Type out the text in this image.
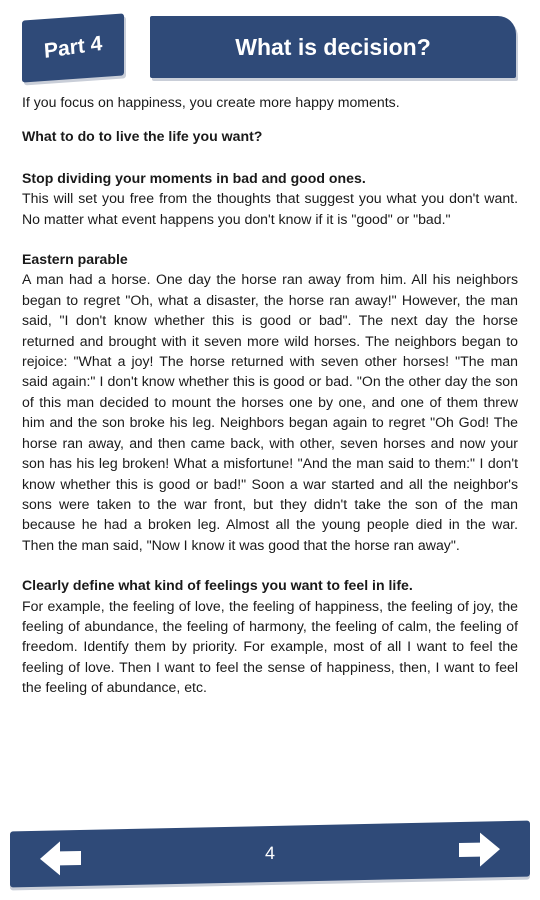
Part 4	What is decision?

If you focus on happiness, you create more happy moments.

What to do to live the life you want?

Stop dividing your moments in bad and good ones.

This will set you free from the thoughts that suggest you what you don't want. No matter what event happens you don't know if it is "good" or "bad."

Eastern parable

A man had a horse. One day the horse ran away from him. All his neighbors began to regret "Oh, what a disaster, the horse ran away!" However, the man said, "I don't know whether this is good or bad". The next day the horse returned and brought with it seven more wild horses. The neighbors began to rejoice: "What a joy! The horse returned with seven other horses! "The man said again:" I don't know whether this is good or bad. "On the other day the son of this man decided to mount the horses one by one, and one of them threw him and the son broke his leg. Neighbors began again to regret "Oh God! The horse ran away, and then came back, with other, seven horses and now your son has his leg broken! What a misfortune! "And the man said to them:" I don't know whether this is good or bad!" Soon a war started and all the neighbor's sons were taken to the war front, but they didn't take the son of the man because he had a broken leg. Almost all the young people died in the war. Then the man said, "Now I know it was good that the horse ran away".

Clearly define what kind of feelings you want to feel in life.

For example, the feeling of love, the feeling of happiness, the feeling of joy, the feeling of abundance, the feeling of harmony, the feeling of calm, the feeling of freedom. Identify them by priority. For example, most of all I want to feel the feeling of love. Then I want to feel the sense of happiness, then, I want to feel the feeling of abundance, etc.

4
